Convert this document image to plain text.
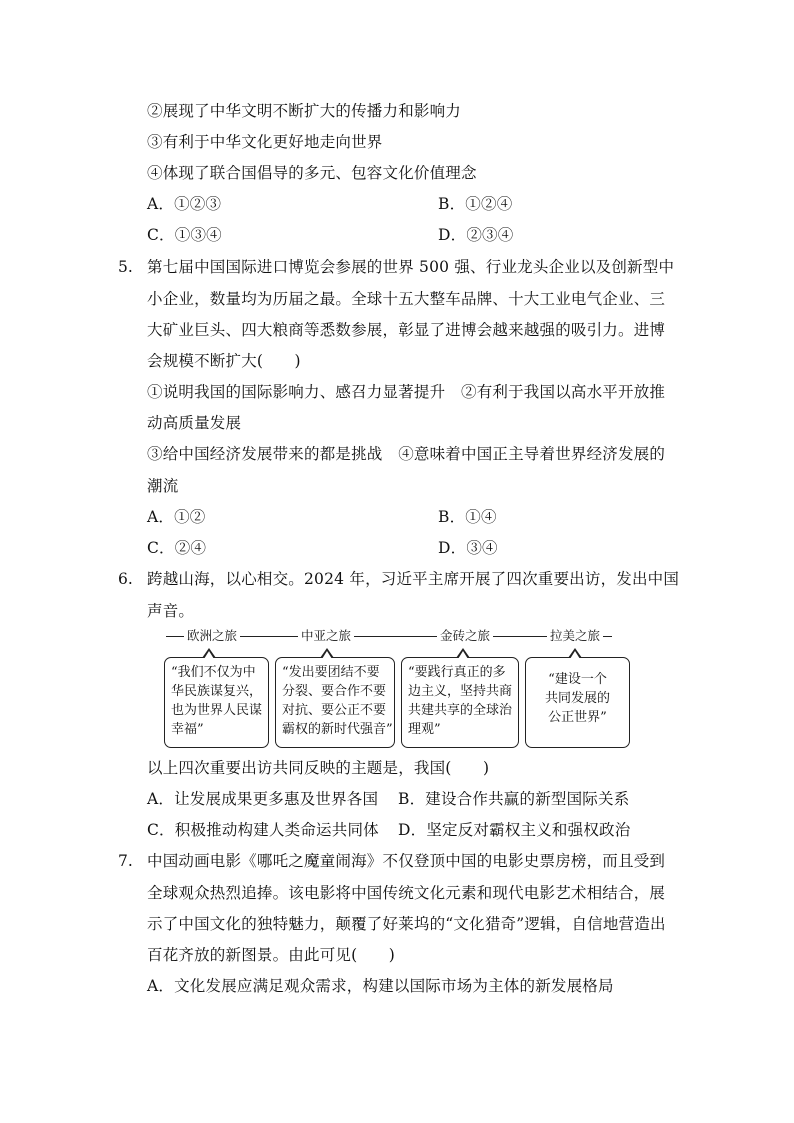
②展现了中华文明不断扩大的传播力和影响力
③有利于中华文化更好地走向世界
④体现了联合国倡导的多元、包容文化价值理念
A．①②③	B．①②④
C．①③④	D．②③④
5. 第七届中国国际进口博览会参展的世界 500 强、行业龙头企业以及创新型中
小企业，数量均为历届之最。全球十五大整车品牌、十大工业电气企业、三
大矿业巨头、四大粮商等悉数参展，彰显了进博会越来越强的吸引力。进博
会规模不断扩大(　　)
①说明我国的国际影响力、感召力显著提升　②有利于我国以高水平开放推
动高质量发展
③给中国经济发展带来的都是挑战　④意味着中国正主导着世界经济发展的
潮流
A．①②	B．①④
C．②④	D．③④
6. 跨越山海，以心相交。2024 年，习近平主席开展了四次重要出访，发出中国
声音。
欧洲之旅	中亚之旅	金砖之旅	拉美之旅
“我们不仅为中
华民族谋复兴，
也为世界人民谋
幸福”
“发出要团结不要
分裂、要合作不要
对抗、要公正不要
霸权的新时代强音”
“要践行真正的多
边主义，坚持共商
共建共享的全球治
理观”
“建设一个
共同发展的
公正世界”
以上四次重要出访共同反映的主题是，我国(　　)
A．让发展成果更多惠及世界各国 B．建设合作共赢的新型国际关系
C．积极推动构建人类命运共同体 D．坚定反对霸权主义和强权政治
7. 中国动画电影《哪吒之魔童闹海》不仅登顶中国的电影史票房榜，而且受到
全球观众热烈追捧。该电影将中国传统文化元素和现代电影艺术相结合，展
示了中国文化的独特魅力，颠覆了好莱坞的“文化猎奇”逻辑，自信地营造出
百花齐放的新图景。由此可见(　　)
A．文化发展应满足观众需求，构建以国际市场为主体的新发展格局
